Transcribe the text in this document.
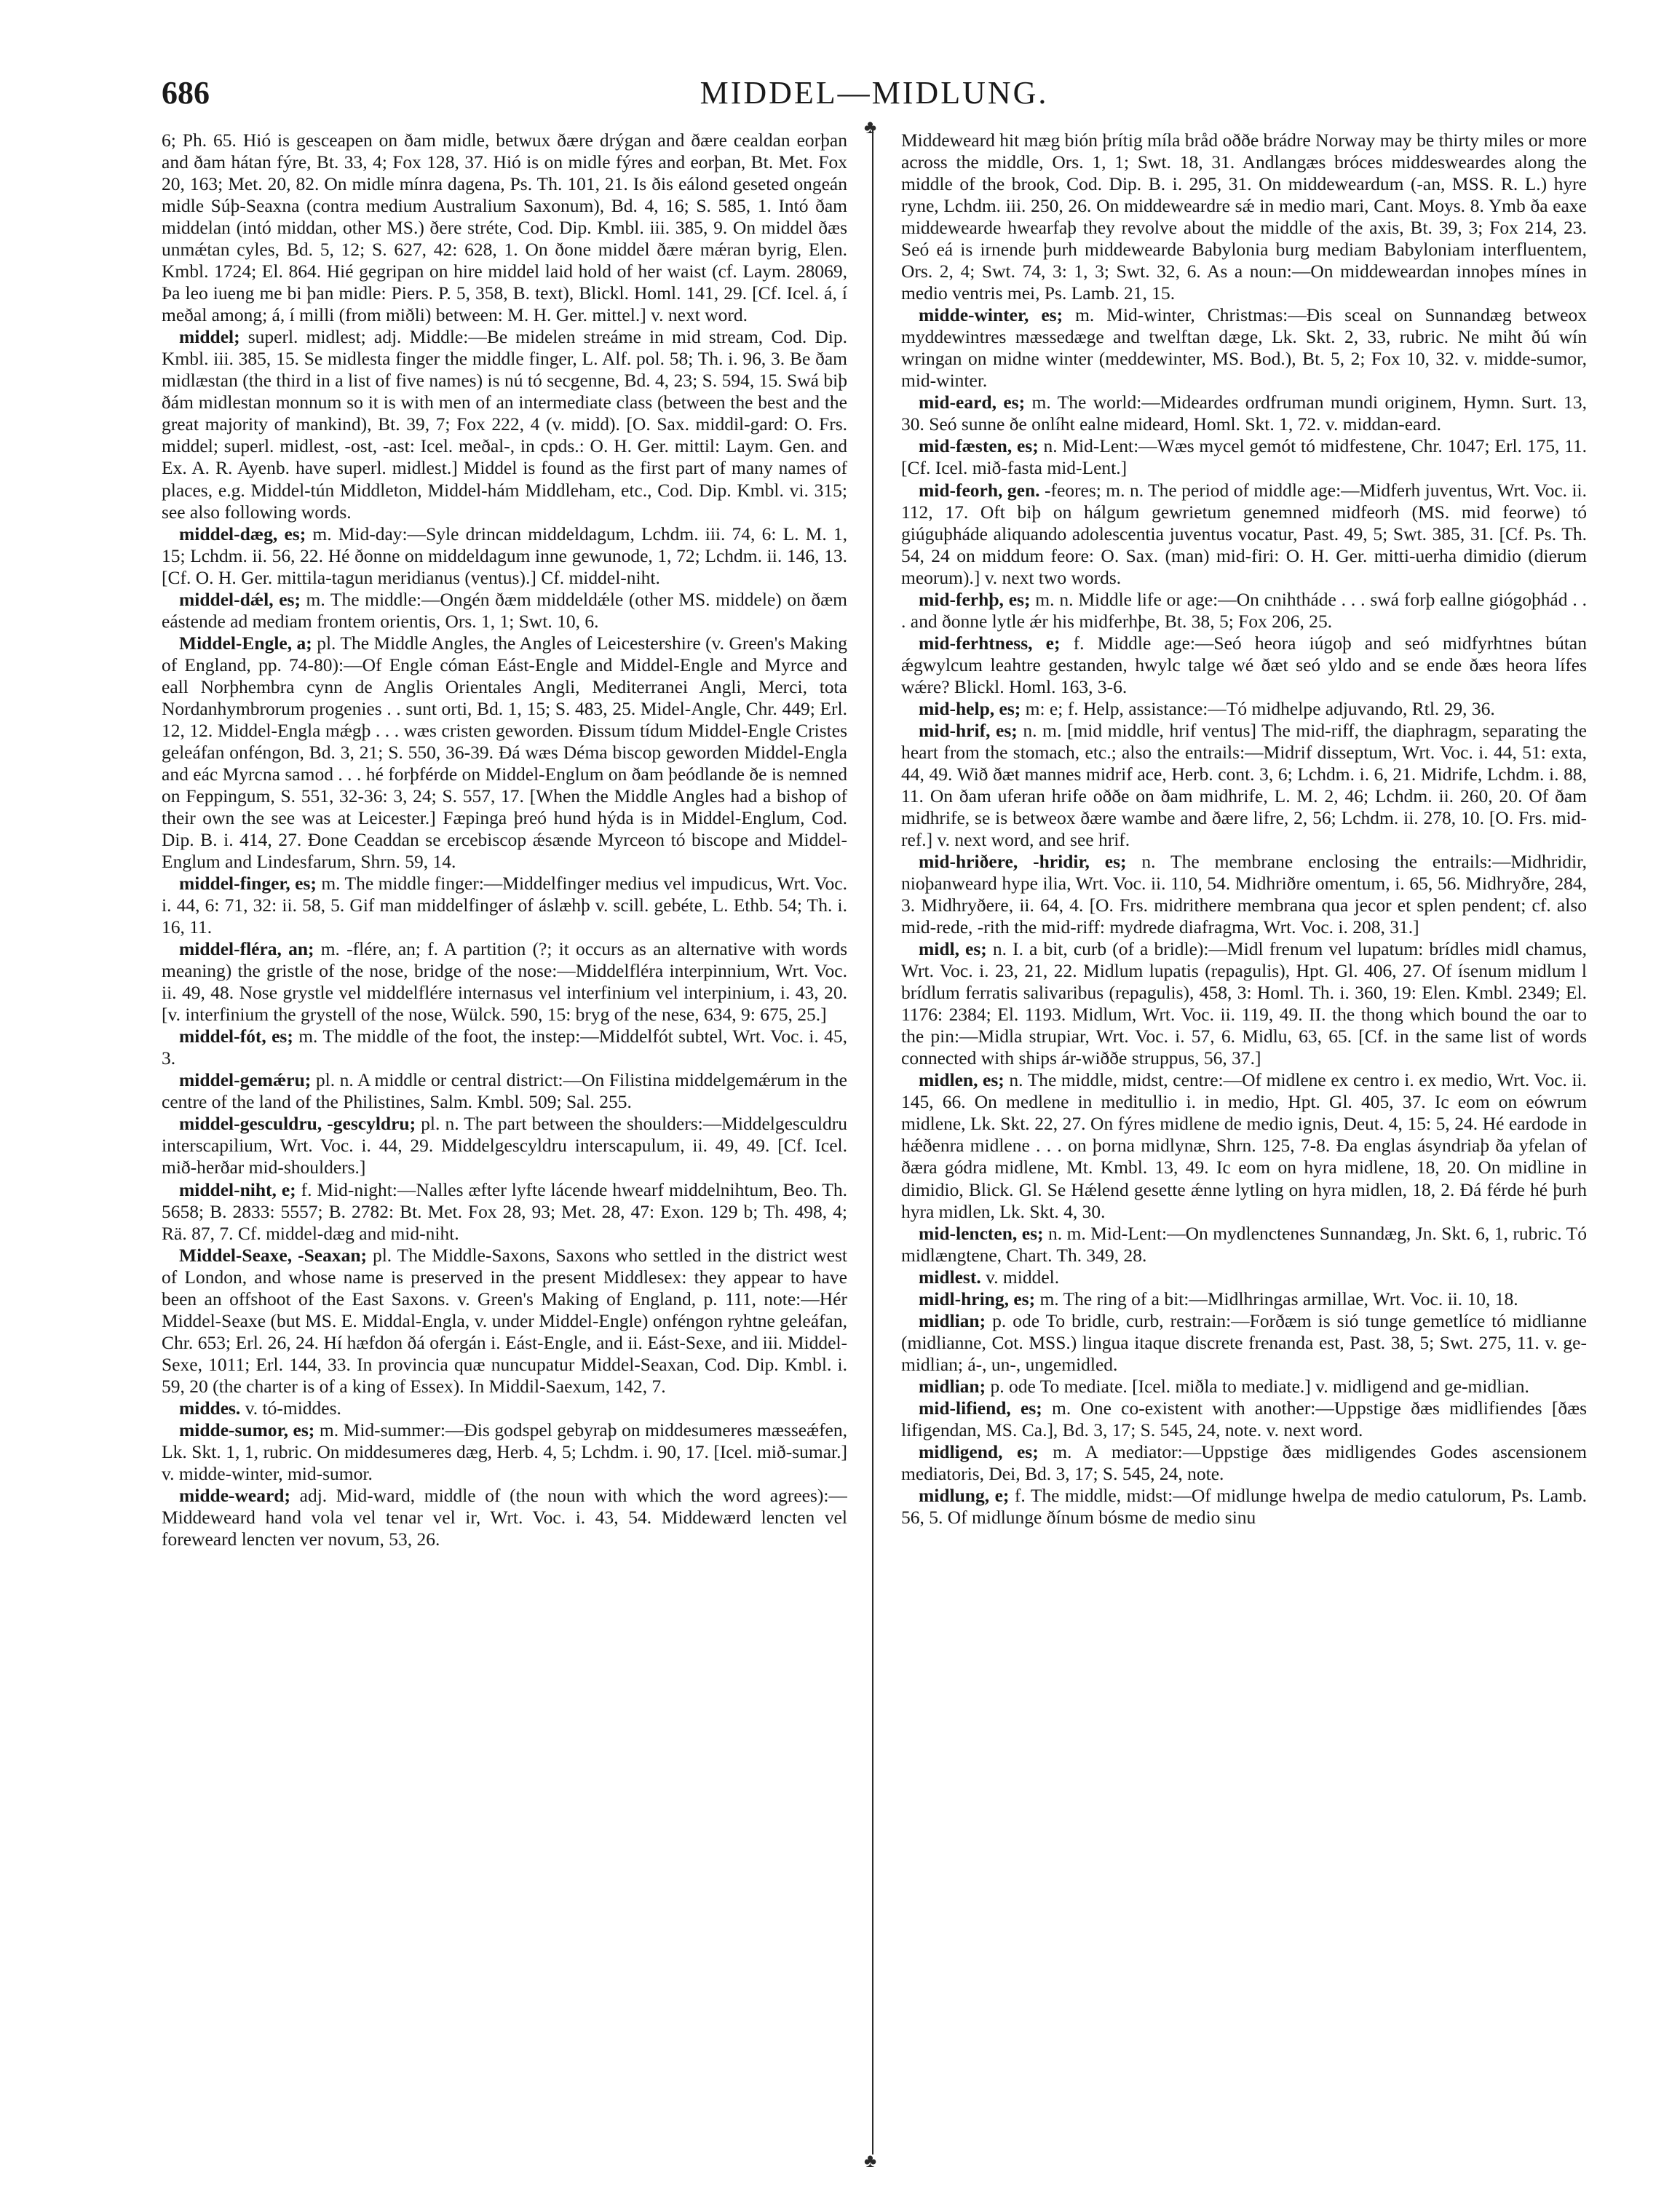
686	MIDDEL—MIDLUNG.
♣
♣

6; Ph. 65. Hió is gesceapen on ðam midle, betwux ðære drýgan and ðære cealdan eorþan and ðam hátan fýre, Bt. 33, 4; Fox 128, 37. Hió is on midle fýres and eorþan, Bt. Met. Fox 20, 163; Met. 20, 82. On midle mínra dagena, Ps. Th. 101, 21. Is ðis eálond geseted ongeán midle Súþ-Seaxna (contra medium Australium Saxonum), Bd. 4, 16; S. 585, 1. Intó ðam middelan (intó middan, other MS.) ðere stréte, Cod. Dip. Kmbl. iii. 385, 9. On middel ðæs unmǽtan cyles, Bd. 5, 12; S. 627, 42: 628, 1. On ðone middel ðære mǽran byrig, Elen. Kmbl. 1724; El. 864. Hié gegripan on hire middel laid hold of her waist (cf. Laym. 28069, Þa leo iueng me bi þan midle: Piers. P. 5, 358, B. text), Blickl. Homl. 141, 29. [Cf. Icel. á, í meðal among; á, í milli (from miðli) between: M. H. Ger. mittel.] v. next word.

middel; superl. midlest; adj. Middle:—Be midelen streáme in mid stream, Cod. Dip. Kmbl. iii. 385, 15. Se midlesta finger the middle finger, L. Alf. pol. 58; Th. i. 96, 3. Be ðam midlæstan (the third in a list of five names) is nú tó secgenne, Bd. 4, 23; S. 594, 15. Swá biþ ðám midlestan monnum so it is with men of an intermediate class (between the best and the great majority of mankind), Bt. 39, 7; Fox 222, 4 (v. midd). [O. Sax. middil-gard: O. Frs. middel; superl. midlest, -ost, -ast: Icel. meðal-, in cpds.: O. H. Ger. mittil: Laym. Gen. and Ex. A. R. Ayenb. have superl. midlest.] Middel is found as the first part of many names of places, e.g. Middel-tún Middleton, Middel-hám Middleham, etc., Cod. Dip. Kmbl. vi. 315; see also following words.

middel-dæg, es; m. Mid-day:—Syle drincan middeldagum, Lchdm. iii. 74, 6: L. M. 1, 15; Lchdm. ii. 56, 22. Hé ðonne on middeldagum inne gewunode, 1, 72; Lchdm. ii. 146, 13. [Cf. O. H. Ger. mittila-tagun meridianus (ventus).] Cf. middel-niht.

middel-dǽl, es; m. The middle:—Ongén ðæm middeldǽle (other MS. middele) on ðæm eástende ad mediam frontem orientis, Ors. 1, 1; Swt. 10, 6.

Middel-Engle, a; pl. The Middle Angles, the Angles of Leicestershire (v. Green's Making of England, pp. 74-80):—Of Engle cóman Eást-Engle and Middel-Engle and Myrce and eall Norþhembra cynn de Anglis Orientales Angli, Mediterranei Angli, Merci, tota Nordanhymbrorum progenies . . sunt orti, Bd. 1, 15; S. 483, 25. Midel-Angle, Chr. 449; Erl. 12, 12. Middel-Engla mǽgþ . . . wæs cristen geworden. Ðissum tídum Middel-Engle Cristes geleáfan onféngon, Bd. 3, 21; S. 550, 36-39. Ðá wæs Déma biscop geworden Middel-Engla and eác Myrcna samod . . . hé forþférde on Middel-Englum on ðam þeódlande ðe is nemned on Feppingum, S. 551, 32-36: 3, 24; S. 557, 17. [When the Middle Angles had a bishop of their own the see was at Leicester.] Fæpinga þreó hund hýda is in Middel-Englum, Cod. Dip. B. i. 414, 27. Ðone Ceaddan se ercebiscop ǽsænde Myrceon tó biscope and Middel-Englum and Lindesfarum, Shrn. 59, 14.

middel-finger, es; m. The middle finger:—Middelfinger medius vel impudicus, Wrt. Voc. i. 44, 6: 71, 32: ii. 58, 5. Gif man middelfinger of áslæhþ v. scill. gebéte, L. Ethb. 54; Th. i. 16, 11.

middel-fléra, an; m. -flére, an; f. A partition (?; it occurs as an alternative with words meaning) the gristle of the nose, bridge of the nose:—Middelfléra interpinnium, Wrt. Voc. ii. 49, 48. Nose grystle vel middelflére internasus vel interfinium vel interpinium, i. 43, 20. [v. interfinium the grystell of the nose, Wülck. 590, 15: bryg of the nese, 634, 9: 675, 25.]

middel-fót, es; m. The middle of the foot, the instep:—Middelfót subtel, Wrt. Voc. i. 45, 3.

middel-gemǽru; pl. n. A middle or central district:—On Filistina middelgemǽrum in the centre of the land of the Philistines, Salm. Kmbl. 509; Sal. 255.

middel-gesculdru, -gescyldru; pl. n. The part between the shoulders:—Middelgesculdru interscapilium, Wrt. Voc. i. 44, 29. Middelgescyldru interscapulum, ii. 49, 49. [Cf. Icel. mið-herðar mid-shoulders.]

middel-niht, e; f. Mid-night:—Nalles æfter lyfte lácende hwearf middelnihtum, Beo. Th. 5658; B. 2833: 5557; B. 2782: Bt. Met. Fox 28, 93; Met. 28, 47: Exon. 129 b; Th. 498, 4; Rä. 87, 7. Cf. middel-dæg and mid-niht.

Middel-Seaxe, -Seaxan; pl. The Middle-Saxons, Saxons who settled in the district west of London, and whose name is preserved in the present Middlesex: they appear to have been an offshoot of the East Saxons. v. Green's Making of England, p. 111, note:—Hér Middel-Seaxe (but MS. E. Middal-Engla, v. under Middel-Engle) onféngon ryhtne geleáfan, Chr. 653; Erl. 26, 24. Hí hæfdon ðá ofergán i. Eást-Engle, and ii. Eást-Sexe, and iii. Middel-Sexe, 1011; Erl. 144, 33. In provincia quæ nuncupatur Middel-Seaxan, Cod. Dip. Kmbl. i. 59, 20 (the charter is of a king of Essex). In Middil-Saexum, 142, 7.

middes. v. tó-middes.

midde-sumor, es; m. Mid-summer:—Ðis godspel gebyraþ on middesumeres mæsseǽfen, Lk. Skt. 1, 1, rubric. On middesumeres dæg, Herb. 4, 5; Lchdm. i. 90, 17. [Icel. mið-sumar.] v. midde-winter, mid-sumor.

midde-weard; adj. Mid-ward, middle of (the noun with which the word agrees):—Middeweard hand vola vel tenar vel ir, Wrt. Voc. i. 43, 54. Middewærd lencten vel foreweard lencten ver novum, 53, 26.

Middeweard hit mæg bión þrítig míla bråd oððe brádre Norway may be thirty miles or more across the middle, Ors. 1, 1; Swt. 18, 31. Andlangæs bróces middesweardes along the middle of the brook, Cod. Dip. B. i. 295, 31. On middeweardum (-an, MSS. R. L.) hyre ryne, Lchdm. iii. 250, 26. On middeweardre sǽ in medio mari, Cant. Moys. 8. Ymb ða eaxe middewearde hwearfaþ they revolve about the middle of the axis, Bt. 39, 3; Fox 214, 23. Seó eá is irnende þurh middewearde Babylonia burg mediam Babyloniam interfluentem, Ors. 2, 4; Swt. 74, 3: 1, 3; Swt. 32, 6. As a noun:—On middeweardan innoþes mínes in medio ventris mei, Ps. Lamb. 21, 15.

midde-winter, es; m. Mid-winter, Christmas:—Ðis sceal on Sunnandæg betweox myddewintres mæssedæge and twelftan dæge, Lk. Skt. 2, 33, rubric. Ne miht ðú wín wringan on midne winter (meddewinter, MS. Bod.), Bt. 5, 2; Fox 10, 32. v. midde-sumor, mid-winter.

mid-eard, es; m. The world:—Mideardes ordfruman mundi originem, Hymn. Surt. 13, 30. Seó sunne ðe onlíht ealne mideard, Homl. Skt. 1, 72. v. middan-eard.

mid-fæsten, es; n. Mid-Lent:—Wæs mycel gemót tó midfestene, Chr. 1047; Erl. 175, 11. [Cf. Icel. mið-fasta mid-Lent.]

mid-feorh, gen. -feores; m. n. The period of middle age:—Midferh juventus, Wrt. Voc. ii. 112, 17. Oft biþ on hálgum gewrietum genemned midfeorh (MS. mid feorwe) tó giúguþháde aliquando adolescentia juventus vocatur, Past. 49, 5; Swt. 385, 31. [Cf. Ps. Th. 54, 24 on middum feore: O. Sax. (man) mid-firi: O. H. Ger. mitti-uerha dimidio (dierum meorum).] v. next two words.

mid-ferhþ, es; m. n. Middle life or age:—On cnihtháde . . . swá forþ eallne giógoþhád . . . and ðonne lytle ǽr his midferhþe, Bt. 38, 5; Fox 206, 25.

mid-ferhtness, e; f. Middle age:—Seó heora iúgoþ and seó midfyrhtnes bútan ǽgwylcum leahtre gestanden, hwylc talge wé ðæt seó yldo and se ende ðæs heora lífes wǽre? Blickl. Homl. 163, 3-6.

mid-help, es; m: e; f. Help, assistance:—Tó midhelpe adjuvando, Rtl. 29, 36.

mid-hrif, es; n. m. [mid middle, hrif ventus] The mid-riff, the diaphragm, separating the heart from the stomach, etc.; also the entrails:—Midrif disseptum, Wrt. Voc. i. 44, 51: exta, 44, 49. Wið ðæt mannes midrif ace, Herb. cont. 3, 6; Lchdm. i. 6, 21. Midrife, Lchdm. i. 88, 11. On ðam uferan hrife oððe on ðam midhrife, L. M. 2, 46; Lchdm. ii. 260, 20. Of ðam midhrife, se is betweox ðære wambe and ðære lifre, 2, 56; Lchdm. ii. 278, 10. [O. Frs. mid-ref.] v. next word, and see hrif.

mid-hriðere, -hridir, es; n. The membrane enclosing the entrails:—Midhridir, nioþanweard hype ilia, Wrt. Voc. ii. 110, 54. Midhriðre omentum, i. 65, 56. Midhryðre, 284, 3. Midhryðere, ii. 64, 4. [O. Frs. midrithere membrana qua jecor et splen pendent; cf. also mid-rede, -rith the mid-riff: mydrede diafragma, Wrt. Voc. i. 208, 31.]

midl, es; n. I. a bit, curb (of a bridle):—Midl frenum vel lupatum: brídles midl chamus, Wrt. Voc. i. 23, 21, 22. Midlum lupatis (repagulis), Hpt. Gl. 406, 27. Of ísenum midlum l brídlum ferratis salivaribus (repagulis), 458, 3: Homl. Th. i. 360, 19: Elen. Kmbl. 2349; El. 1176: 2384; El. 1193. Midlum, Wrt. Voc. ii. 119, 49. II. the thong which bound the oar to the pin:—Midla strupiar, Wrt. Voc. i. 57, 6. Midlu, 63, 65. [Cf. in the same list of words connected with ships ár-wiððe struppus, 56, 37.]

midlen, es; n. The middle, midst, centre:—Of midlene ex centro i. ex medio, Wrt. Voc. ii. 145, 66. On medlene in meditullio i. in medio, Hpt. Gl. 405, 37. Ic eom on eówrum midlene, Lk. Skt. 22, 27. On fýres midlene de medio ignis, Deut. 4, 15: 5, 24. Hé eardode in hǽðenra midlene . . . on þorna midlynæ, Shrn. 125, 7-8. Ða englas ásyndriaþ ða yfelan of ðæra gódra midlene, Mt. Kmbl. 13, 49. Ic eom on hyra midlene, 18, 20. On midline in dimidio, Blick. Gl. Se Hǽlend gesette ǽnne lytling on hyra midlen, 18, 2. Ðá férde hé þurh hyra midlen, Lk. Skt. 4, 30.

mid-lencten, es; n. m. Mid-Lent:—On mydlenctenes Sunnandæg, Jn. Skt. 6, 1, rubric. Tó midlængtene, Chart. Th. 349, 28.

midlest. v. middel.

midl-hring, es; m. The ring of a bit:—Midlhringas armillae, Wrt. Voc. ii. 10, 18.

midlian; p. ode To bridle, curb, restrain:—Forðæm is sió tunge gemetlíce tó midlianne (midlianne, Cot. MSS.) lingua itaque discrete frenanda est, Past. 38, 5; Swt. 275, 11. v. ge-midlian; á-, un-, ungemidled.

midlian; p. ode To mediate. [Icel. miðla to mediate.] v. midligend and ge-midlian.

mid-lifiend, es; m. One co-existent with another:—Uppstige ðæs midlifiendes [ðæs lifigendan, MS. Ca.], Bd. 3, 17; S. 545, 24, note. v. next word.

midligend, es; m. A mediator:—Uppstige ðæs midligendes Godes ascensionem mediatoris, Dei, Bd. 3, 17; S. 545, 24, note.

midlung, e; f. The middle, midst:—Of midlunge hwelpa de medio catulorum, Ps. Lamb. 56, 5. Of midlunge ðínum bósme de medio sinu
